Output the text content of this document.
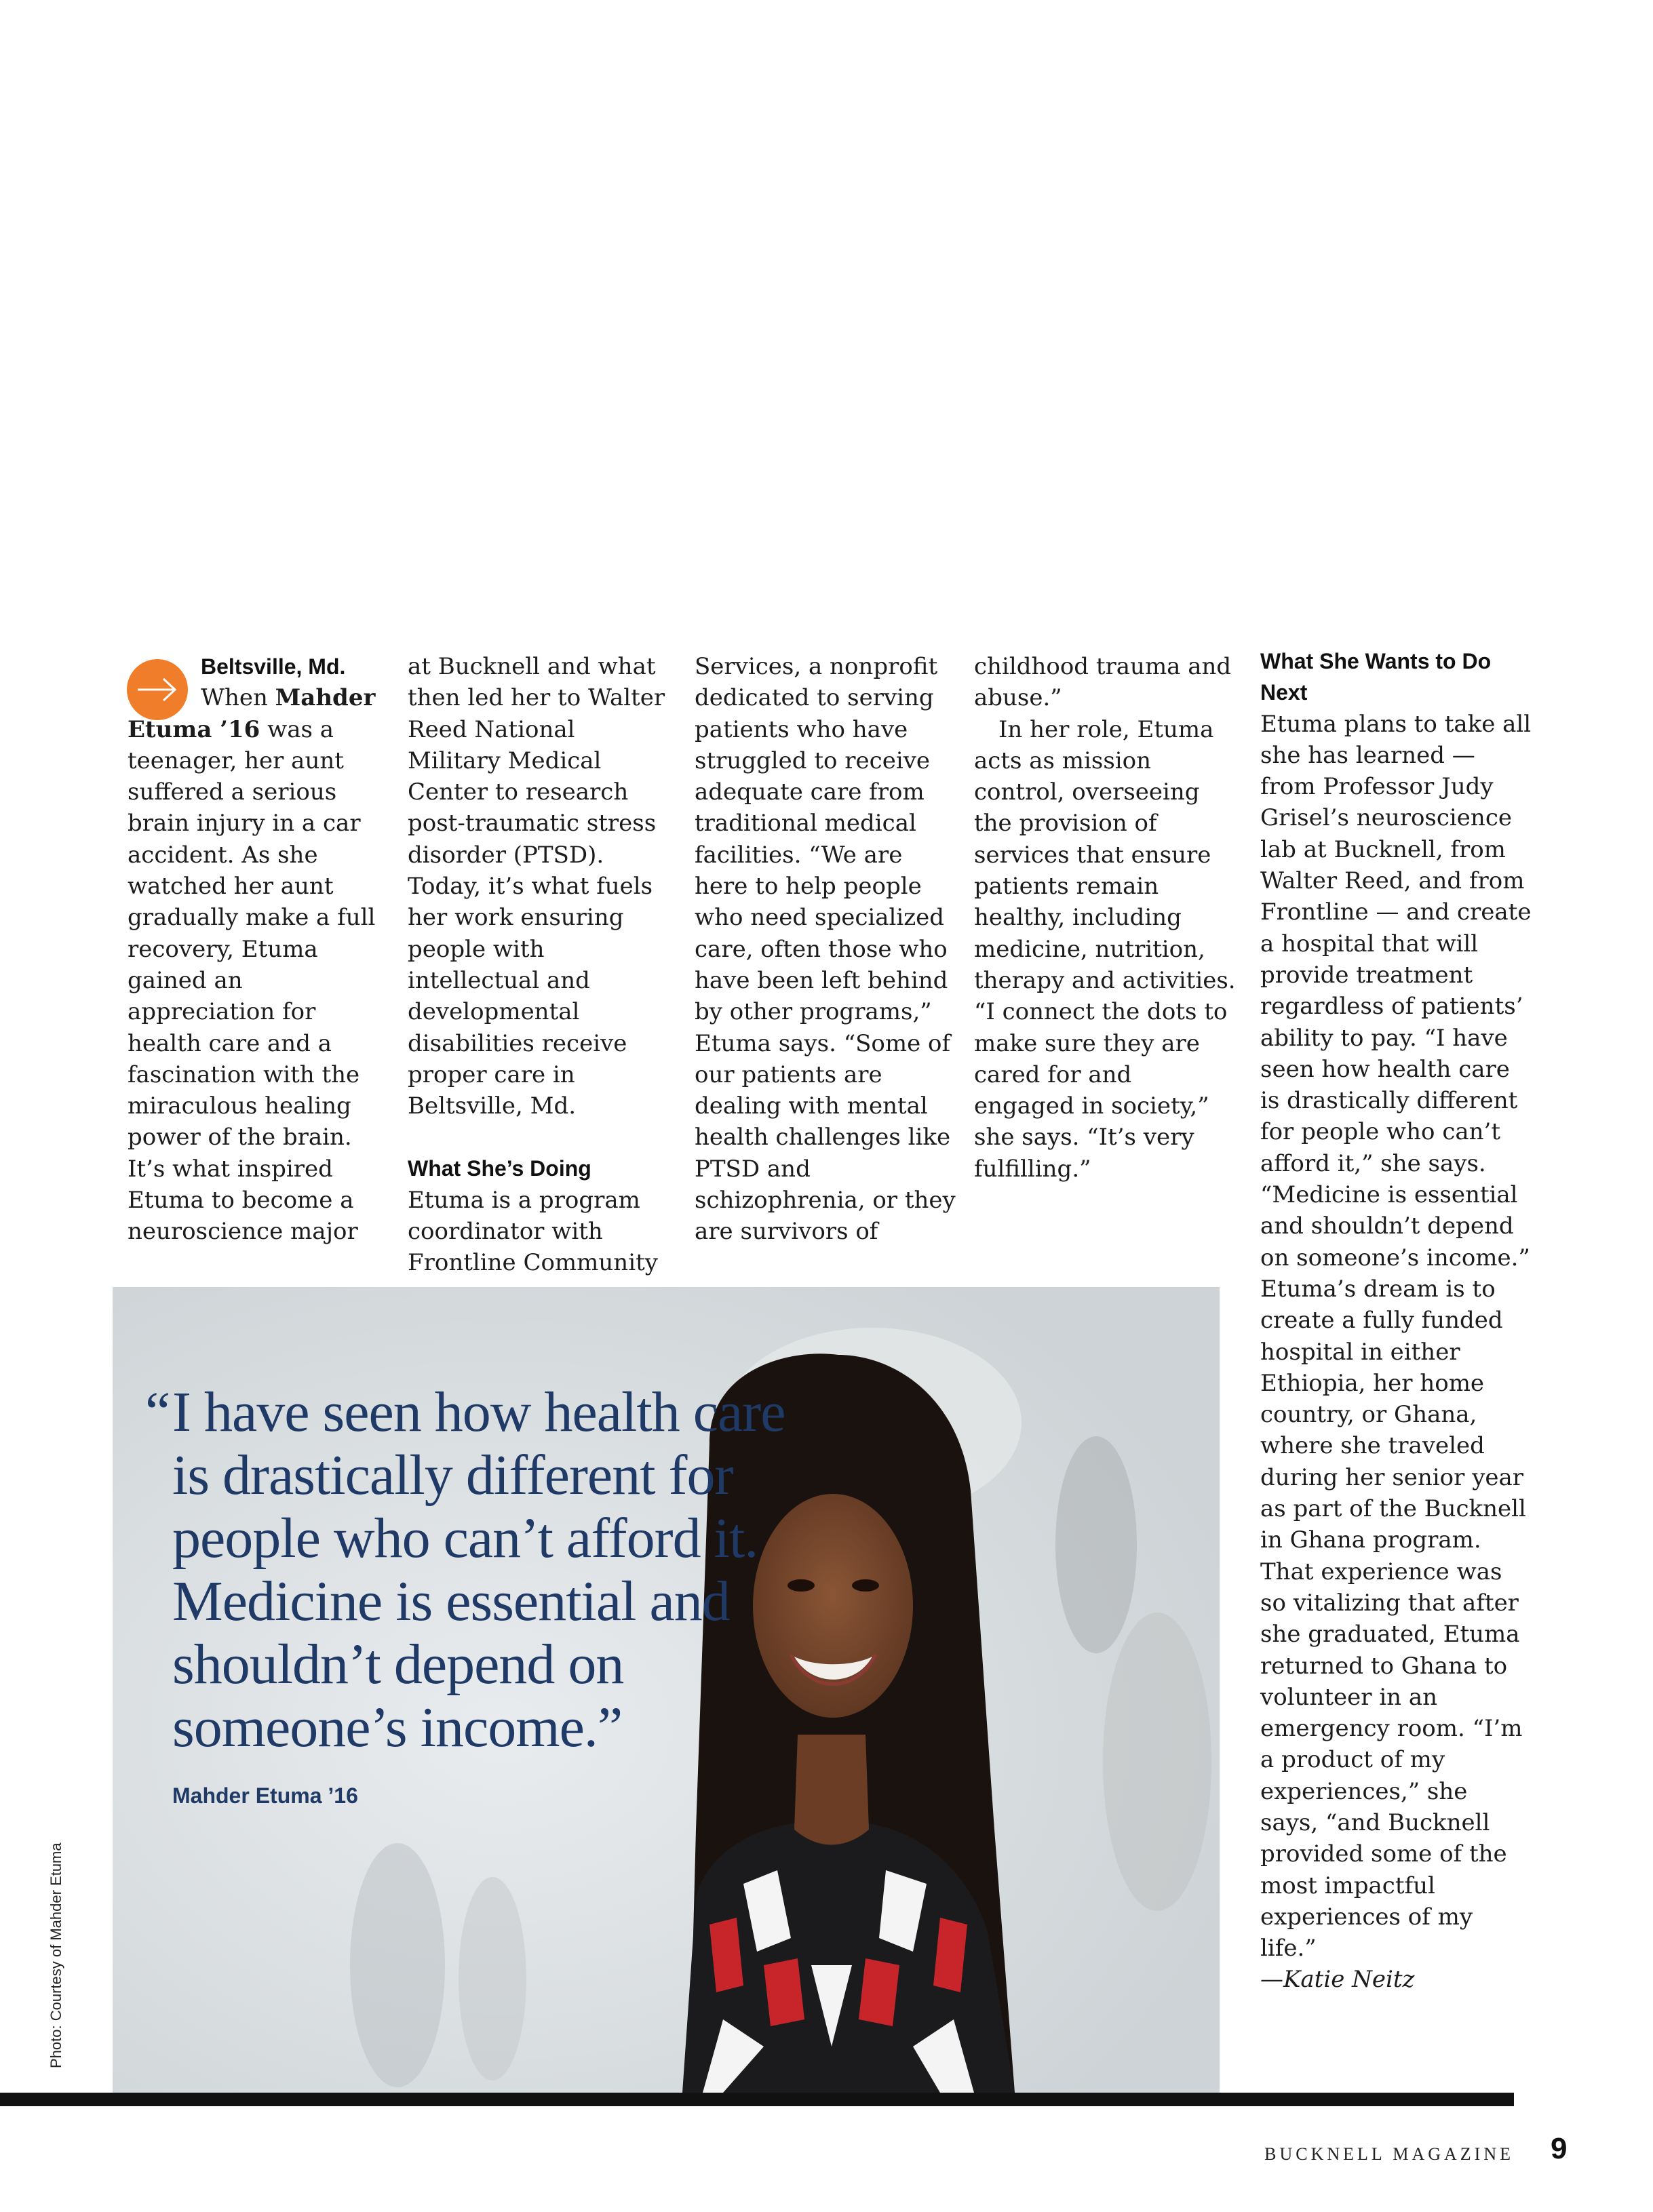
Beltsville, Md.

When Mahder Etuma ’16 was a teenager, her aunt suffered a serious brain injury in a car accident. As she watched her aunt gradually make a full recovery, Etuma gained an appreciation for health care and a fascination with the miraculous healing power of the brain. It’s what inspired Etuma to become a neuroscience major

at Bucknell and what then led her to Walter Reed National Military Medical Center to research post-traumatic stress disorder (PTSD). Today, it’s what fuels her work ensuring people with intellectual and developmental disabilities receive proper care in Beltsville, Md.

What She’s Doing

Etuma is a program coordinator with Frontline Community

Services, a nonprofit dedicated to serving patients who have struggled to receive adequate care from traditional medical facilities. “We are here to help people who need specialized care, often those who have been left behind by other programs,” Etuma says. “Some of our patients are dealing with mental health challenges like PTSD and schizophrenia, or they are survivors of

childhood trauma and abuse.”

In her role, Etuma acts as mission control, overseeing the provision of services that ensure patients remain healthy, including medicine, nutrition, therapy and activities. “I connect the dots to make sure they are cared for and engaged in society,” she says. “It’s very fulfilling.”

What She Wants to Do Next

Etuma plans to take all she has learned — from Professor Judy Grisel’s neuroscience lab at Bucknell, from Walter Reed, and from Frontline — and create a hospital that will provide treatment regardless of patients’ ability to pay. “I have seen how health care is drastically different for people who can’t afford it,” she says. “Medicine is essential and shouldn’t depend on someone’s income.” Etuma’s dream is to create a fully funded hospital in either Ethiopia, her home country, or Ghana, where she traveled during her senior year as part of the Bucknell in Ghana program. That experience was so vitalizing that after she graduated, Etuma returned to Ghana to volunteer in an emergency room. “I’m a product of my experiences,” she says, “and Bucknell provided some of the most impactful experiences of my life.”

—Katie Neitz

“ I have seen how health care is drastically different for people who can’t afford it. Medicine is essential and shouldn’t depend on someone’s income.”
Mahder Etuma ’16
Photo: Courtesy of Mahder Etuma
BUCKNELL MAGAZINE 9
